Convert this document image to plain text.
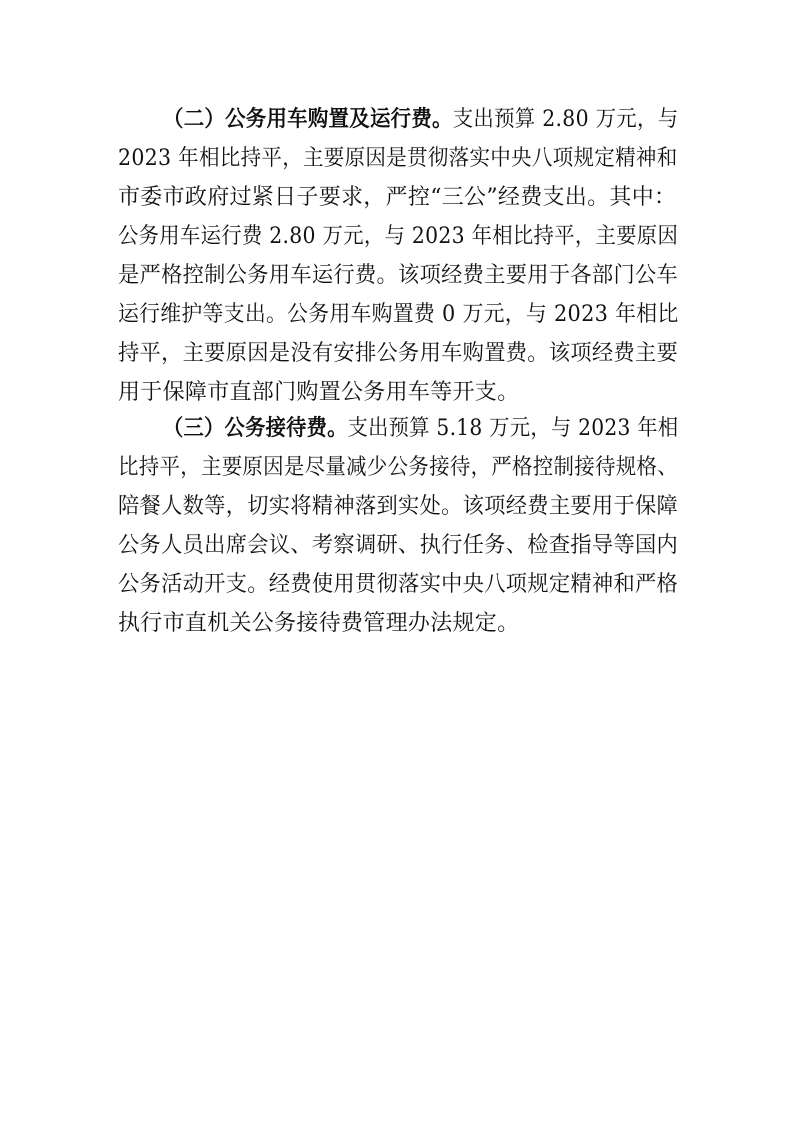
（二）公务用车购置及运行费。支出预算 2.80 万元，与
2023 年相比持平，主要原因是贯彻落实中央八项规定精神和
市委市政府过紧日子要求，严控“三公”经费支出。其中：
公务用车运行费 2.80 万元，与 2023 年相比持平，主要原因
是严格控制公务用车运行费。该项经费主要用于各部门公车
运行维护等支出。公务用车购置费 0 万元，与 2023 年相比
持平，主要原因是没有安排公务用车购置费。该项经费主要
用于保障市直部门购置公务用车等开支。
（三）公务接待费。支出预算 5.18 万元，与 2023 年相
比持平，主要原因是尽量减少公务接待，严格控制接待规格、
陪餐人数等，切实将精神落到实处。该项经费主要用于保障
公务人员出席会议、考察调研、执行任务、检查指导等国内
公务活动开支。经费使用贯彻落实中央八项规定精神和严格
执行市直机关公务接待费管理办法规定。
